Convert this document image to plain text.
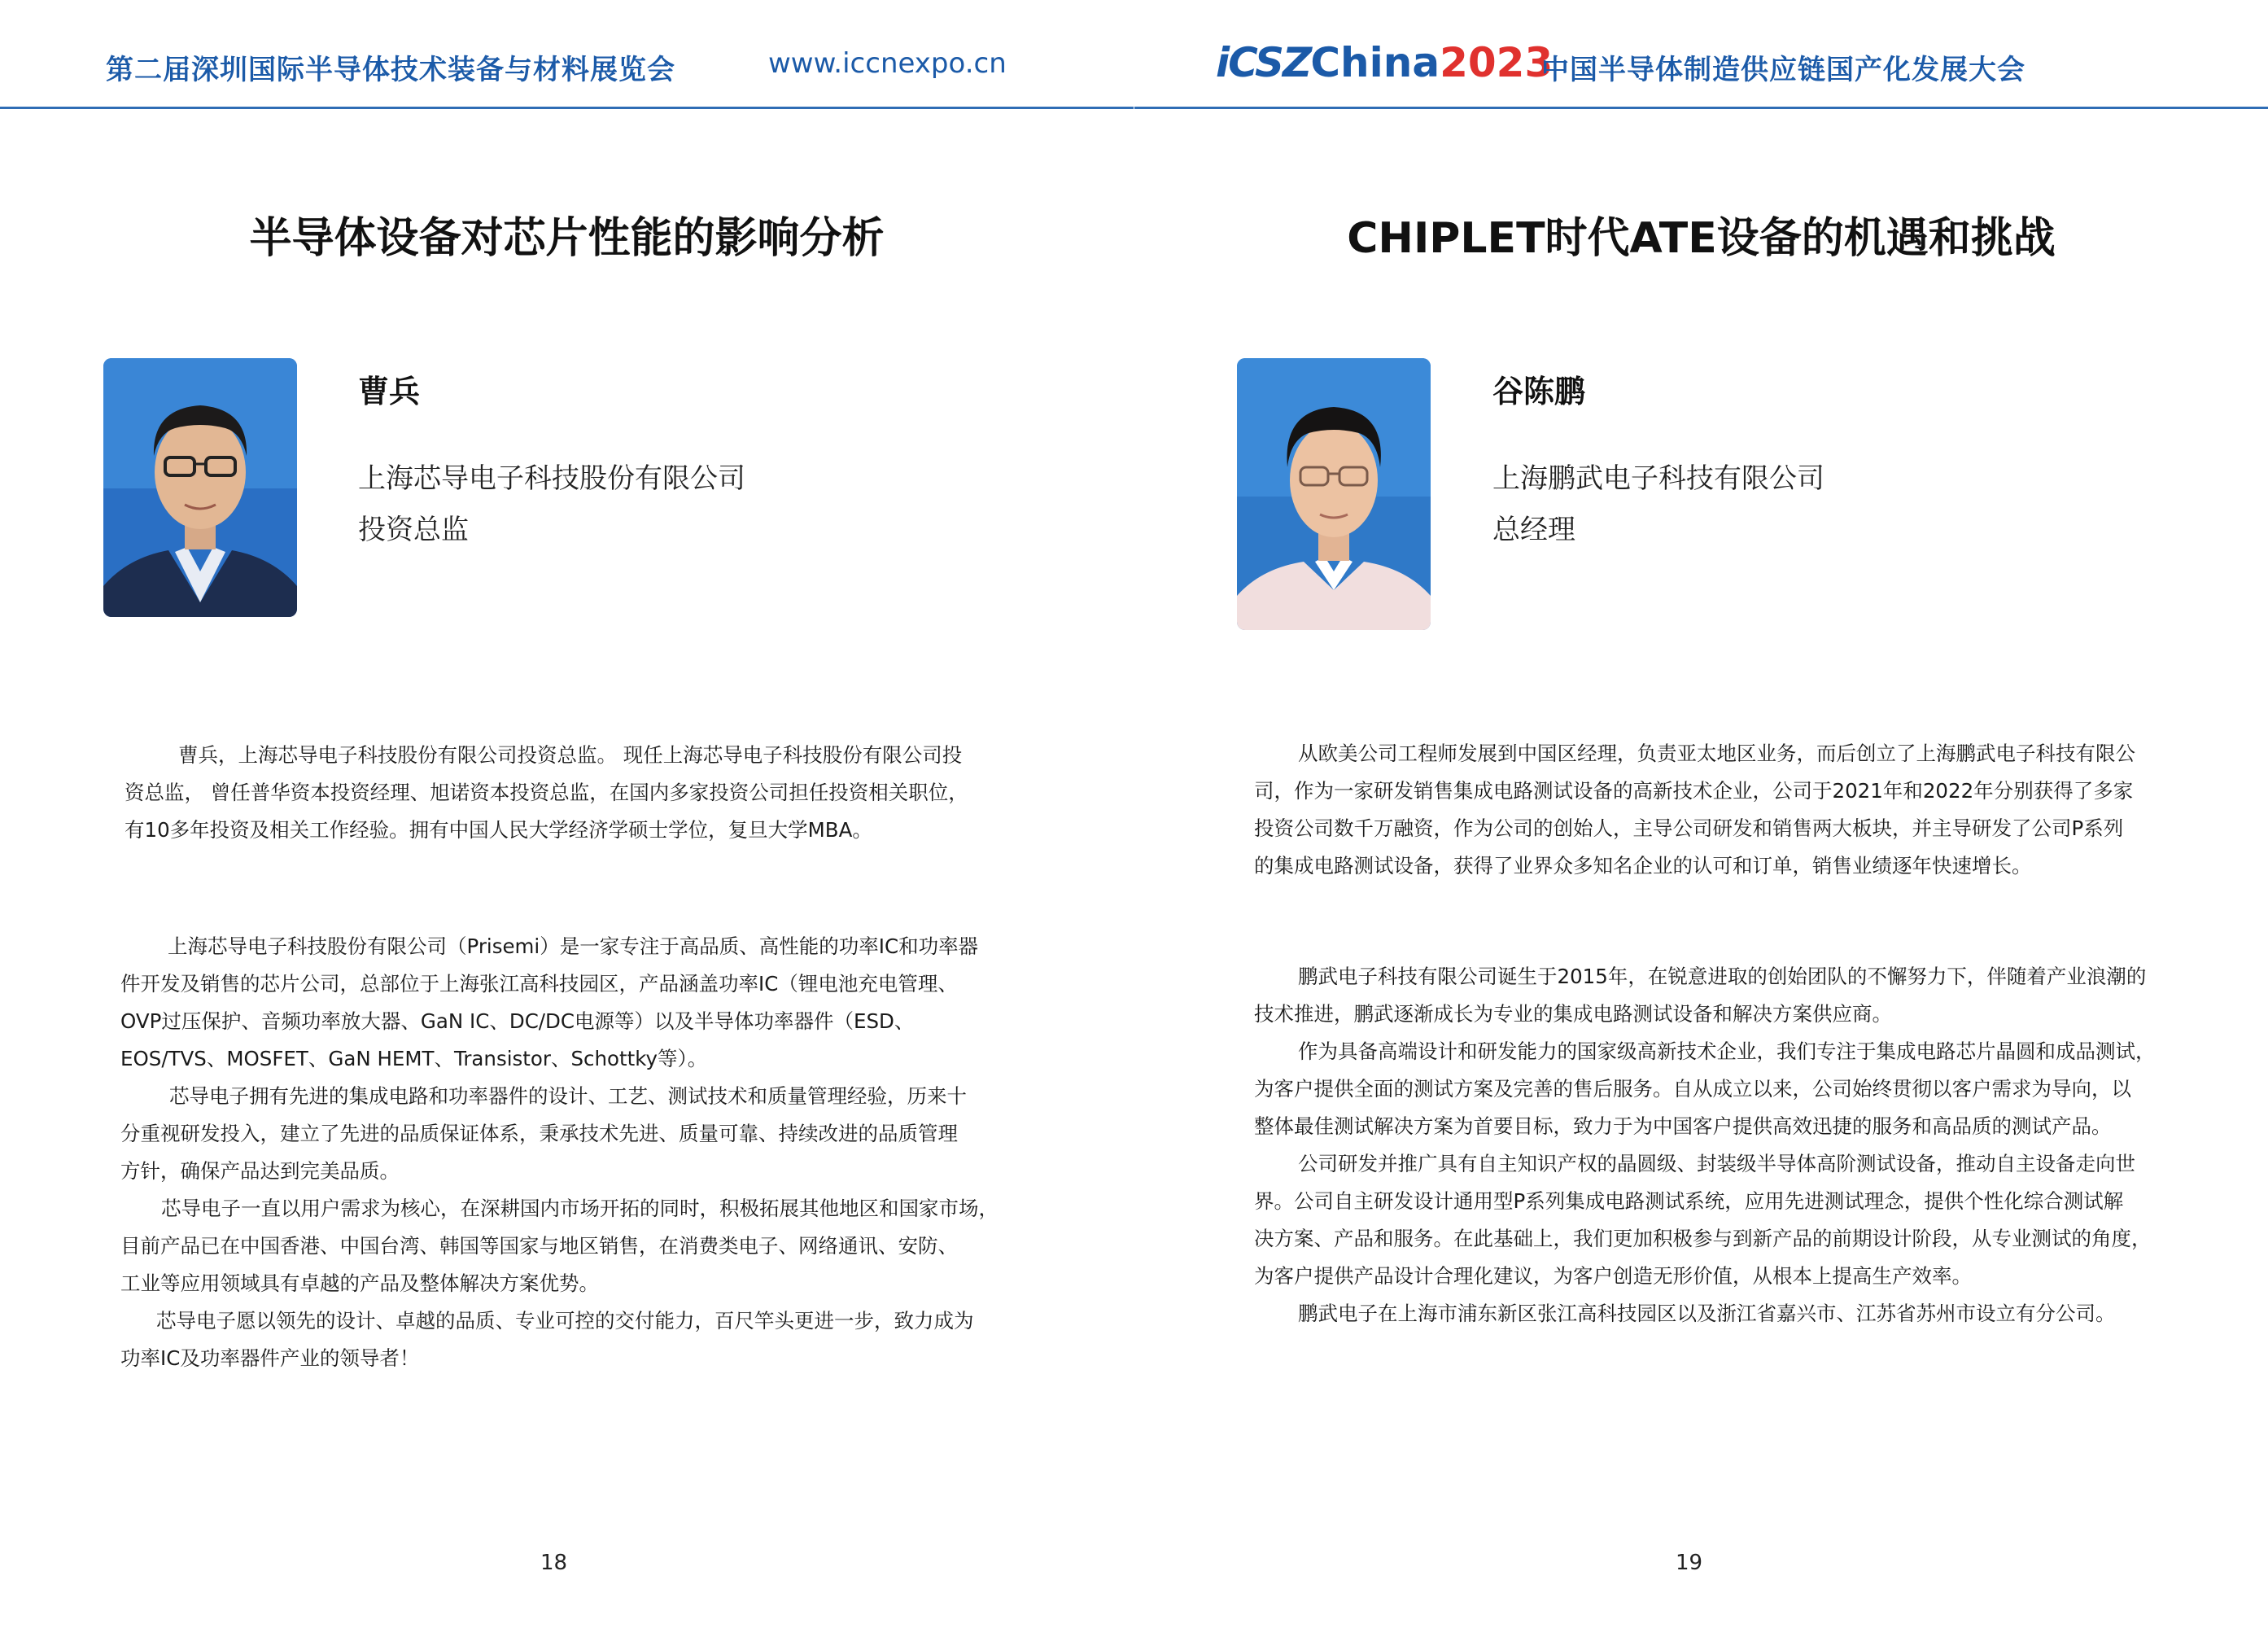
第二届深圳国际半导体技术装备与材料展览会	www.iccnexpo.cn
半导体设备对芯片性能的影响分析
曹兵
上海芯导电子科技股份有限公司
投资总监

曹兵，上海芯导电子科技股份有限公司投资总监。 现任上海芯导电子科技股份有限公司投

资总监， 曾任普华资本投资经理、旭诺资本投资总监，在国内多家投资公司担任投资相关职位，

有10多年投资及相关工作经验。拥有中国人民大学经济学硕士学位，复旦大学MBA。

上海芯导电子科技股份有限公司（Prisemi）是一家专注于高品质、高性能的功率IC和功率器

件开发及销售的芯片公司，总部位于上海张江高科技园区，产品涵盖功率IC（锂电池充电管理、

OVP过压保护、音频功率放大器、GaN IC、DC/DC电源等）以及半导体功率器件（ESD、

EOS/TVS、MOSFET、GaN HEMT、Transistor、Schottky等）。

芯导电子拥有先进的集成电路和功率器件的设计、工艺、测试技术和质量管理经验，历来十

分重视研发投入，建立了先进的品质保证体系，秉承技术先进、质量可靠、持续改进的品质管理

方针，确保产品达到完美品质。

芯导电子一直以用户需求为核心，在深耕国内市场开拓的同时，积极拓展其他地区和国家市场，

目前产品已在中国香港、中国台湾、韩国等国家与地区销售，在消费类电子、网络通讯、安防、

工业等应用领域具有卓越的产品及整体解决方案优势。

芯导电子愿以领先的设计、卓越的品质、专业可控的交付能力，百尺竿头更进一步，致力成为

功率IC及功率器件产业的领导者！

18
iCSZChina2023
中国半导体制造供应链国产化发展大会
CHIPLET时代ATE设备的机遇和挑战
谷陈鹏
上海鹏武电子科技有限公司
总经理

从欧美公司工程师发展到中国区经理，负责亚太地区业务，而后创立了上海鹏武电子科技有限公

司，作为一家研发销售集成电路测试设备的高新技术企业，公司于2021年和2022年分别获得了多家

投资公司数千万融资，作为公司的创始人，主导公司研发和销售两大板块，并主导研发了公司P系列

的集成电路测试设备，获得了业界众多知名企业的认可和订单，销售业绩逐年快速增长。

鹏武电子科技有限公司诞生于2015年，在锐意进取的创始团队的不懈努力下，伴随着产业浪潮的

技术推进，鹏武逐渐成长为专业的集成电路测试设备和解决方案供应商。

作为具备高端设计和研发能力的国家级高新技术企业，我们专注于集成电路芯片晶圆和成品测试，

为客户提供全面的测试方案及完善的售后服务。自从成立以来，公司始终贯彻以客户需求为导向，以

整体最佳测试解决方案为首要目标，致力于为中国客户提供高效迅捷的服务和高品质的测试产品。

公司研发并推广具有自主知识产权的晶圆级、封装级半导体高阶测试设备，推动自主设备走向世

界。公司自主研发设计通用型P系列集成电路测试系统，应用先进测试理念，提供个性化综合测试解

决方案、产品和服务。在此基础上，我们更加积极参与到新产品的前期设计阶段，从专业测试的角度，

为客户提供产品设计合理化建议，为客户创造无形价值，从根本上提高生产效率。

鹏武电子在上海市浦东新区张江高科技园区以及浙江省嘉兴市、江苏省苏州市设立有分公司。

19
